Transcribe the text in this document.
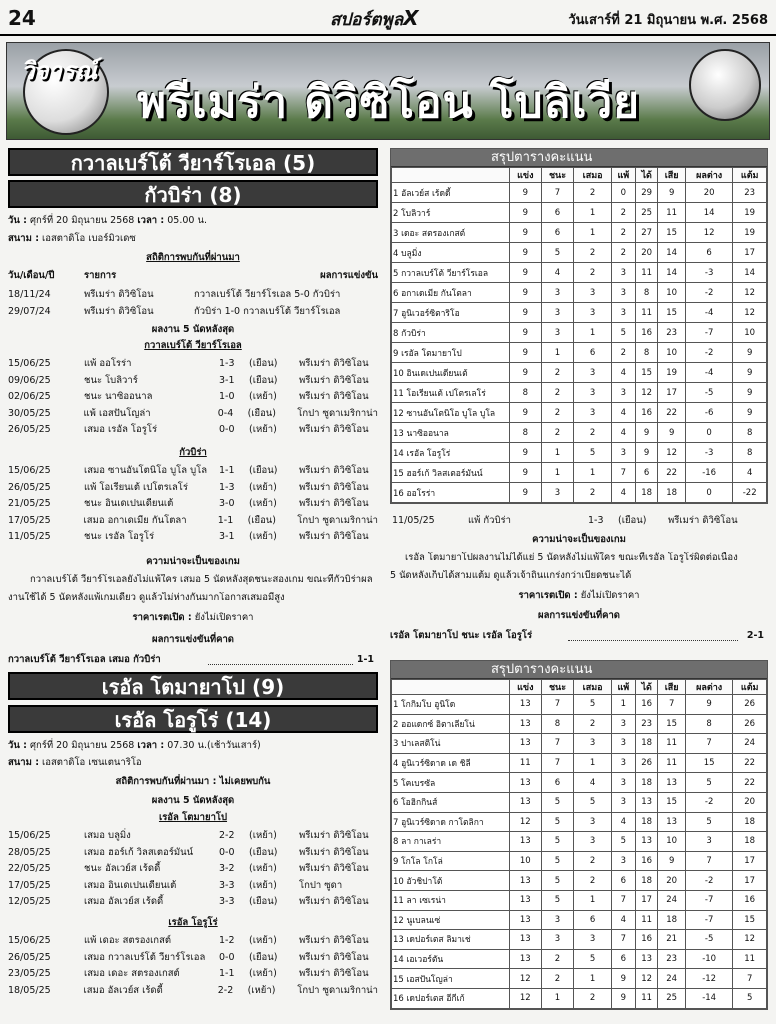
24	สปอร์ตพูลX	วันเสาร์ที่ 21 มิถุนายน พ.ศ. 2568
วิจารณ์
พรีเมร่า ดิวิซิโอน โบลิเวีย
กวาลเบร์โต้ วียาร์โรเอล (5)
กัวบิร่า (8)
วัน : ศุกร์ที่ 20 มิถุนายน 2568 เวลา : 05.00 น.
สนาม : เอสตาดิโอ เบอร์มิวเดซ
สถิติการพบกันที่ผ่านมา
วัน/เดือน/ปี	รายการ	ผลการแข่งขัน
18/11/24	พรีเมร่า ดิวิซิโอน	กวาลเบร์โต้ วียาร์โรเอล 5-0 กัวบิร่า
29/07/24	พรีเมร่า ดิวิซิโอน	กัวบิร่า 1-0 กวาลเบร์โต้ วียาร์โรเอล
ผลงาน 5 นัดหลังสุด
กวาลเบร์โต้ วียาร์โรเอล
15/06/25	แพ้ ออโรร่า	1-3	(เยือน)	พรีเมร่า ดิวิซิโอน
09/06/25	ชนะ โบลิวาร์	3-1	(เยือน)	พรีเมร่า ดิวิซิโอน
02/06/25	ชนะ นาซิออนาล	1-0	(เหย้า)	พรีเมร่า ดิวิซิโอน
30/05/25	แพ้ เอสปันโญล่า	0-4	(เยือน)	โกปา ซูดาเมริกาน่า
26/05/25	เสมอ เรอัล โอรูโร่	0-0	(เหย้า)	พรีเมร่า ดิวิซิโอน
กัวบิร่า
15/06/25	เสมอ ซานอันโตนิโอ บูโล บูโล	1-1	(เยือน)	พรีเมร่า ดิวิซิโอน
26/05/25	แพ้ โอเรียนเต้ เปโตรเลโร่	1-3	(เหย้า)	พรีเมร่า ดิวิซิโอน
21/05/25	ชนะ อินเดเปนเดียนเต้	3-0	(เหย้า)	พรีเมร่า ดิวิซิโอน
17/05/25	เสมอ อกาเดเมีย กันโตลา	1-1	(เยือน)	โกปา ซูดาเมริกาน่า
11/05/25	ชนะ เรอัล โอรูโร่	3-1	(เหย้า)	พรีเมร่า ดิวิซิโอน
ความน่าจะเป็นของเกม
กวาลเบร์โต้ วียาร์โรเอลยังไม่แพ้ใคร เสมอ 5 นัดหลังสุดชนะสองเกม ขณะที่กัวบิร่าผล
งานใช้ได้ 5 นัดหลังแพ้เกมเดียว ดูแล้วไม่ห่างกันมากโอกาสเสมอมีสูง
ราคาเรตเปิด : ยังไม่เปิดราคา
ผลการแข่งขันที่คาด
กวาลเบร์โต้ วียาร์โรเอล เสมอ กัวบิร่า	1-1
เรอัล โตมายาโป (9)
เรอัล โอรูโร่ (14)
วัน : ศุกร์ที่ 20 มิถุนายน 2568 เวลา : 07.30 น.(เช้าวันเสาร์)
สนาม : เอสตาดิโอ เซนเตนาริโอ
สถิติการพบกันที่ผ่านมา : ไม่เคยพบกัน
ผลงาน 5 นัดหลังสุด
เรอัล โตมายาโป
15/06/25	เสมอ บลูมิ่ง	2-2	(เหย้า)	พรีเมร่า ดิวิซิโอน
28/05/25	เสมอ ฮอร์เก้ วิลสเตอร์มันน์	0-0	(เยือน)	พรีเมร่า ดิวิซิโอน
22/05/25	ชนะ อัลเวย์ส เร้ดดี้	3-2	(เหย้า)	พรีเมร่า ดิวิซิโอน
17/05/25	เสมอ อินเดเปนเดียนเต้	3-3	(เหย้า)	โกปา ซูดา
12/05/25	เสมอ อัลเวย์ส เร้ดดี้	3-3	(เยือน)	พรีเมร่า ดิวิซิโอน
เรอัล โอรูโร่
15/06/25	แพ้ เดอะ สตรองเกสต์	1-2	(เหย้า)	พรีเมร่า ดิวิซิโอน
26/05/25	เสมอ กวาลเบร์โต้ วียาร์โรเอล	0-0	(เยือน)	พรีเมร่า ดิวิซิโอน
23/05/25	เสมอ เดอะ สตรองเกสต์	1-1	(เหย้า)	พรีเมร่า ดิวิซิโอน
18/05/25	เสมอ อัลเวย์ส เร้ดดี้	2-2	(เหย้า)	โกปา ซูดาเมริกาน่า
สรุปตารางคะแนน
	แข่ง	ชนะ	เสมอ	แพ้	ได้	เสีย	ผลต่าง	แต้ม
1 อัลเวย์ส เร้ดดี้	9	7	2	0	29	9	20	23
2 โบลิวาร์	9	6	1	2	25	11	14	19
3 เดอะ สตรองเกสต์	9	6	1	2	27	15	12	19
4 บลูมิ่ง	9	5	2	2	20	14	6	17
5 กวาลเบร์โต้ วียาร์โรเอล	9	4	2	3	11	14	-3	14
6 อกาเดเมีย กันโตลา	9	3	3	3	8	10	-2	12
7 อูนิเวอร์ซิตาริโอ	9	3	3	3	11	15	-4	12
8 กัวบิร่า	9	3	1	5	16	23	-7	10
9 เรอัล โตมายาโป	9	1	6	2	8	10	-2	9
10 อินเดเปนเดียนเต้	9	2	3	4	15	19	-4	9
11 โอเรียนเต้ เปโตรเลโร่	8	2	3	3	12	17	-5	9
12 ซานอันโตนิโอ บูโล บูโล	9	2	3	4	16	22	-6	9
13 นาซิออนาล	8	2	2	4	9	9	0	8
14 เรอัล โอรูโร่	9	1	5	3	9	12	-3	8
15 ฮอร์เก้ วิลสเตอร์มันน์	9	1	1	7	6	22	-16	4
16 ออโรร่า	9	3	2	4	18	18	0	-22
11/05/25	แพ้ กัวบิร่า	1-3	(เยือน)	พรีเมร่า ดิวิซิโอน
ความน่าจะเป็นของเกม
เรอัล โตมายาโปผลงานไม่ได้แย่ 5 นัดหลังไม่แพ้ใคร ขณะที่เรอัล โอรูโร่ผิดต่อเนื่อง
5 นัดหลังเก็บได้สามแต้ม ดูแล้วเจ้าถิ่นแกร่งกว่าเบียดชนะได้
ราคาเรตเปิด : ยังไม่เปิดราคา
ผลการแข่งขันที่คาด
เรอัล โตมายาโป ชนะ เรอัล โอรูโร่	2-1
สรุปตารางคะแนน
	แข่ง	ชนะ	เสมอ	แพ้	ได้	เสีย	ผลต่าง	แต้ม
1 โกกิมโบ อูนิโด	13	7	5	1	16	7	9	26
2 ออแดกซ์ อิตาเลียโน่	13	8	2	3	23	15	8	26
3 ปาเลสติโน่	13	7	3	3	18	11	7	24
4 อูนิเวร์ซิดาด เด ชิลี	11	7	1	3	26	11	15	22
5 โคเบรซัล	13	6	4	3	18	13	5	22
6 โอฮิกกินส์	13	5	5	3	13	15	-2	20
7 อูนิเวร์ซิดาด กาโตลิกา	12	5	3	4	18	13	5	18
8 ลา กาเลร่า	13	5	3	5	13	10	3	18
9 โกโล โกโล่	10	5	2	3	16	9	7	17
10 อัวชิปาโต้	13	5	2	6	18	20	-2	17
11 ลา เซเรน่า	13	5	1	7	17	24	-7	16
12 นูเบลนเซ่	13	3	6	4	11	18	-7	15
13 เดปอร์เตส ลิมาเช่	13	3	3	7	16	21	-5	12
14 เอเวอร์ตัน	13	2	5	6	13	23	-10	11
15 เอสปันโญล่า	12	2	1	9	12	24	-12	7
16 เดปอร์เตส อีกีเก้	12	1	2	9	11	25	-14	5
